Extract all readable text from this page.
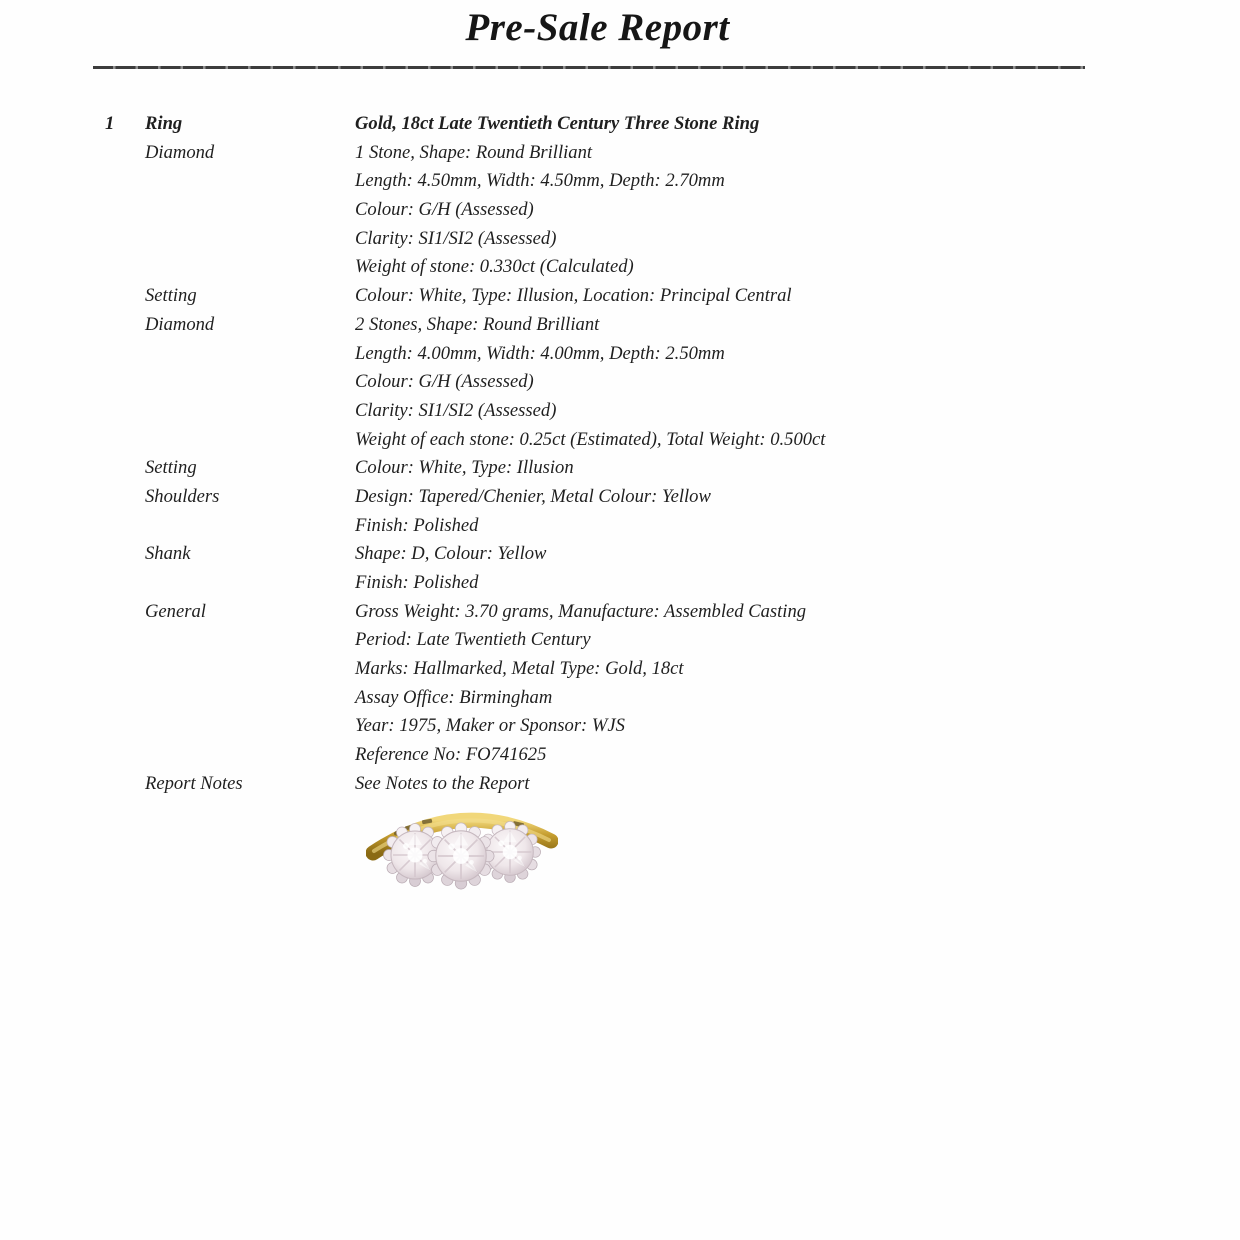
Pre-Sale Report
1	Ring	Gold, 18ct Late Twentieth Century Three Stone Ring
Diamond	1 Stone, Shape: Round Brilliant
Length: 4.50mm, Width: 4.50mm, Depth: 2.70mm
Colour: G/H (Assessed)
Clarity: SI1/SI2 (Assessed)
Weight of stone: 0.330ct (Calculated)
Setting	Colour: White, Type: Illusion, Location: Principal Central
Diamond	2 Stones, Shape: Round Brilliant
Length: 4.00mm, Width: 4.00mm, Depth: 2.50mm
Colour: G/H (Assessed)
Clarity: SI1/SI2 (Assessed)
Weight of each stone: 0.25ct (Estimated), Total Weight: 0.500ct
Setting	Colour: White, Type: Illusion
Shoulders	Design: Tapered/Chenier, Metal Colour: Yellow
Finish: Polished
Shank	Shape: D, Colour: Yellow
Finish: Polished
General	Gross Weight: 3.70 grams, Manufacture: Assembled Casting
Period: Late Twentieth Century
Marks: Hallmarked, Metal Type: Gold, 18ct
Assay Office: Birmingham
Year: 1975, Maker or Sponsor: WJS
Reference No: FO741625
Report Notes	See Notes to the Report
